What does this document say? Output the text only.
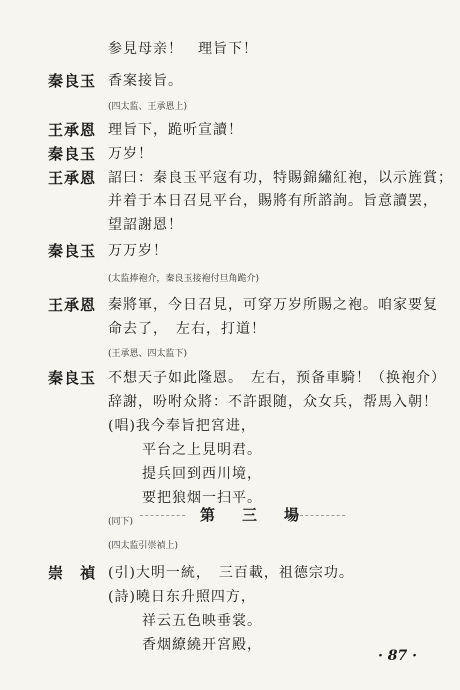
参見母亲！　理旨下！
秦良玉 香案接旨。
(四太监、王承恩上)
王承恩 理旨下，跪听宣讀！
秦良玉 万岁！
王承恩 詔曰：秦良玉平寇有功，特賜錦繡紅袍，以示旌賞；
并着于本日召見平台，賜將有所諮詢。旨意讀罢，
望詔謝恩！
秦良玉 万万岁！
(太监捧袍介，秦良玉接袍付旦角跪介)
王承恩 秦將軍，今日召見，可穿万岁所賜之袍。咱家要复
命去了，　左右，打道！
(王承恩、四太监下)
秦良玉 不想天子如此隆恩。　左右，预备車騎！（换袍介）
辞謝，吩咐众將：不許跟随，众女兵，帮馬入朝！
(唱)我今奉旨把宮进，
平台之上見明君。
提兵回到西川境，
要把狼烟一扫平。
(同下)	第　三　場
(四太监引崇禎上)
崇　禎 (引)大明一統，　三百載，祖德宗功。
(詩)曉日东升照四方，
祥云五色映垂裳。
香烟繚繞开宮殿，
· 87 ·
